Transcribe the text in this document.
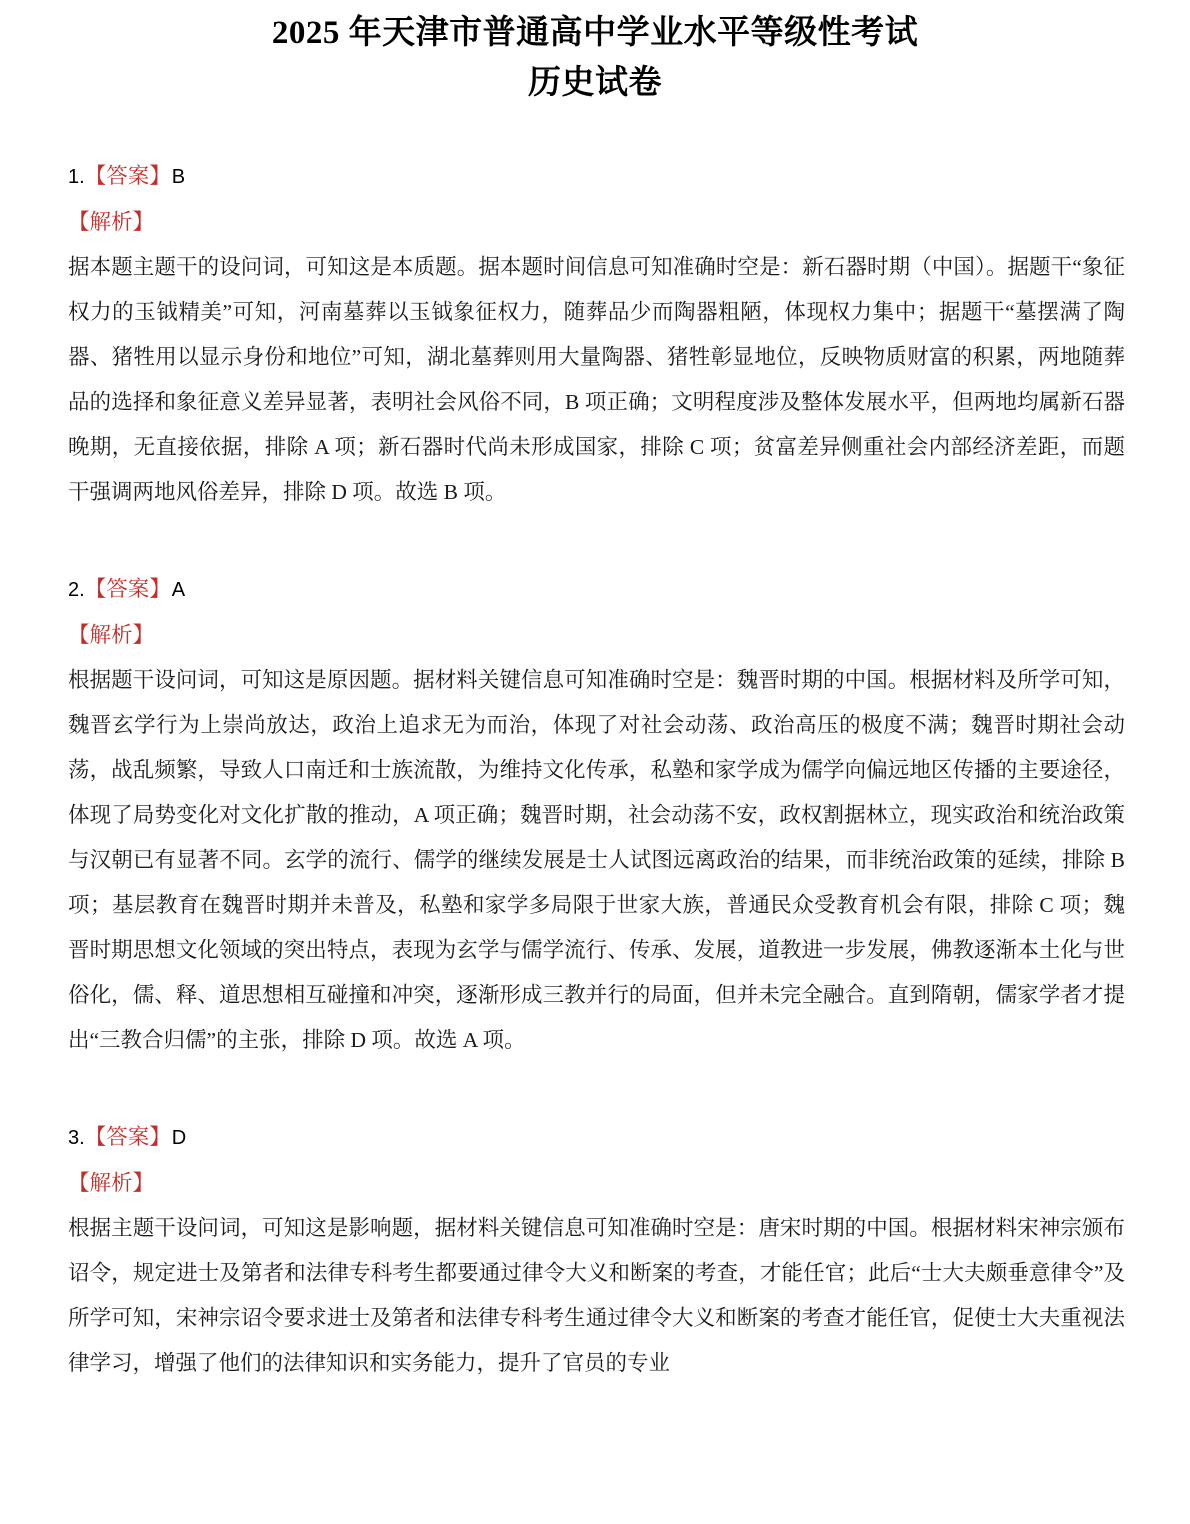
2025 年天津市普通高中学业水平等级性考试
历史试卷
1.【答案】B
【解析】

据本题主题干的设问词，可知这是本质题。据本题时间信息可知准确时空是：新石器时期（中国）。据题干“象征权力的玉钺精美”可知，河南墓葬以玉钺象征权力，随葬品少而陶器粗陋，体现权力集中；据题干“墓摆满了陶器、猪牲用以显示身份和地位”可知，湖北墓葬则用大量陶器、猪牲彰显地位，反映物质财富的积累，两地随葬品的选择和象征意义差异显著，表明社会风俗不同，B 项正确；文明程度涉及整体发展水平，但两地均属新石器晚期，无直接依据，排除 A 项；新石器时代尚未形成国家，排除 C 项；贫富差异侧重社会内部经济差距，而题干强调两地风俗差异，排除 D 项。故选 B 项。

2.【答案】A
【解析】

根据题干设问词，可知这是原因题。据材料关键信息可知准确时空是：魏晋时期的中国。根据材料及所学可知，魏晋玄学行为上崇尚放达，政治上追求无为而治，体现了对社会动荡、政治高压的极度不满；魏晋时期社会动荡，战乱频繁，导致人口南迁和士族流散，为维持文化传承，私塾和家学成为儒学向偏远地区传播的主要途径，体现了局势变化对文化扩散的推动，A 项正确；魏晋时期，社会动荡不安，政权割据林立，现实政治和统治政策与汉朝已有显著不同。玄学的流行、儒学的继续发展是士人试图远离政治的结果，而非统治政策的延续，排除 B 项；基层教育在魏晋时期并未普及，私塾和家学多局限于世家大族，普通民众受教育机会有限，排除 C 项；魏晋时期思想文化领域的突出特点，表现为玄学与儒学流行、传承、发展，道教进一步发展，佛教逐渐本土化与世俗化，儒、释、道思想相互碰撞和冲突，逐渐形成三教并行的局面，但并未完全融合。直到隋朝，儒家学者才提出“三教合归儒”的主张，排除 D 项。故选 A 项。

3.【答案】D
【解析】

根据主题干设问词，可知这是影响题，据材料关键信息可知准确时空是：唐宋时期的中国。根据材料宋神宗颁布诏令，规定进士及第者和法律专科考生都要通过律令大义和断案的考查，才能任官；此后“士大夫颇垂意律令”及所学可知，宋神宗诏令要求进士及第者和法律专科考生通过律令大义和断案的考查才能任官，促使士大夫重视法律学习，增强了他们的法律知识和实务能力，提升了官员的专业
